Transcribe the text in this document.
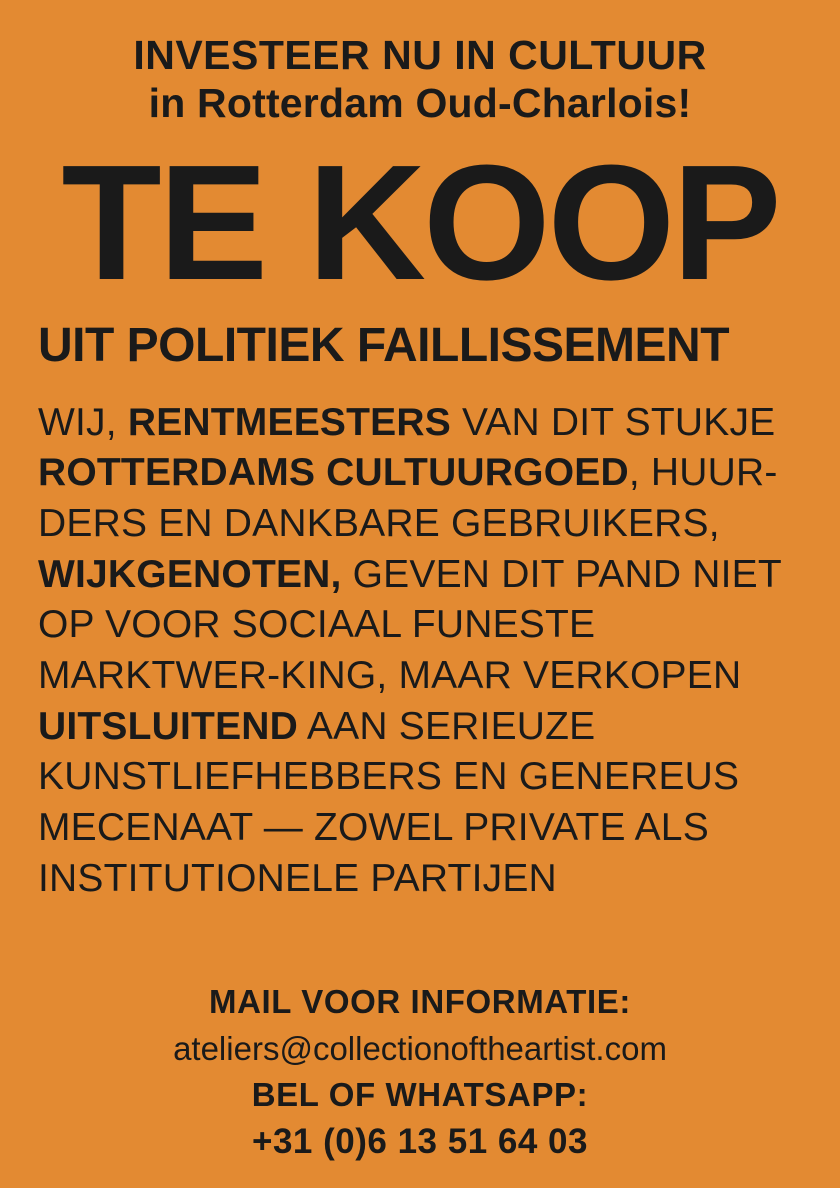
INVESTEER NU IN CULTUUR
in Rotterdam Oud-Charlois!
TE KOOP
UIT POLITIEK FAILLISSEMENT
WIJ, RENTMEESTERS VAN DIT STUKJE ROTTERDAMS CULTUURGOED, HUUR-DERS EN DANKBARE GEBRUIKERS, WIJKGENOTEN, GEVEN DIT PAND NIET OP VOOR SOCIAAL FUNESTE MARKTWER-KING, MAAR VERKOPEN UITSLUITEND AAN SERIEUZE KUNSTLIEFHEBBERS EN GENEREUS MECENAAT — ZOWEL PRIVATE ALS INSTITUTIONELE PARTIJEN
MAIL VOOR INFORMATIE:
ateliers@collectionoftheartist.com
BEL OF WHATSAPP:
+31 (0)6 13 51 64 03
